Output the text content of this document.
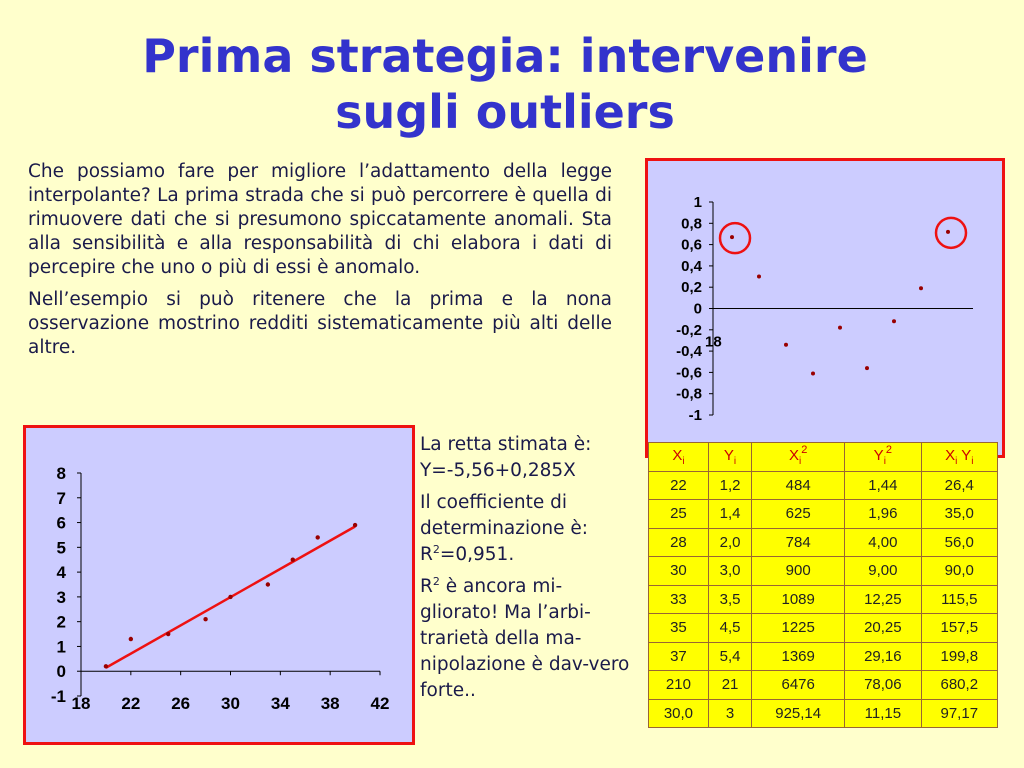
Prima strategia: intervenire
sugli outliers

Che possiamo fare per migliore l’adattamento della legge interpolante? La prima strada che si può percorrere è quella di rimuovere dati che si presumono spiccatamente anomali. Sta alla sensibilità e alla responsabilità di chi elabora i dati di percepire che uno o più di essi è anomalo.

Nell’esempio si può ritenere che la prima e la nona osservazione mostrino redditi sistematicamente più alti delle altre.

1
0,8
0,6
0,4
0,2
0
-0,2
-0,4
-0,6
-0,8
-1
18
8
7
6
5
4
3
2
1
0
-1 18 22 26 30 34 38 42

La retta stimata è:
Y=-5,56+0,285X

Il coefficiente di determinazione è:
$R^2=0,951$.

$R^2$ è ancora mi-gliorato! Ma l’arbi-trarietà della ma-nipolazione è dav-vero forte..

$X_i$	$Y_i$	$X_i^2$	$Y_i^2$	$X_i$ $Y_i$
22	1,2	484	1,44	26,4
25	1,4	625	1,96	35,0
28	2,0	784	4,00	56,0
30	3,0	900	9,00	90,0
33	3,5	1089	12,25	115,5
35	4,5	1225	20,25	157,5
37	5,4	1369	29,16	199,8
210	21	6476	78,06	680,2
30,0	3	925,14	11,15	97,17
